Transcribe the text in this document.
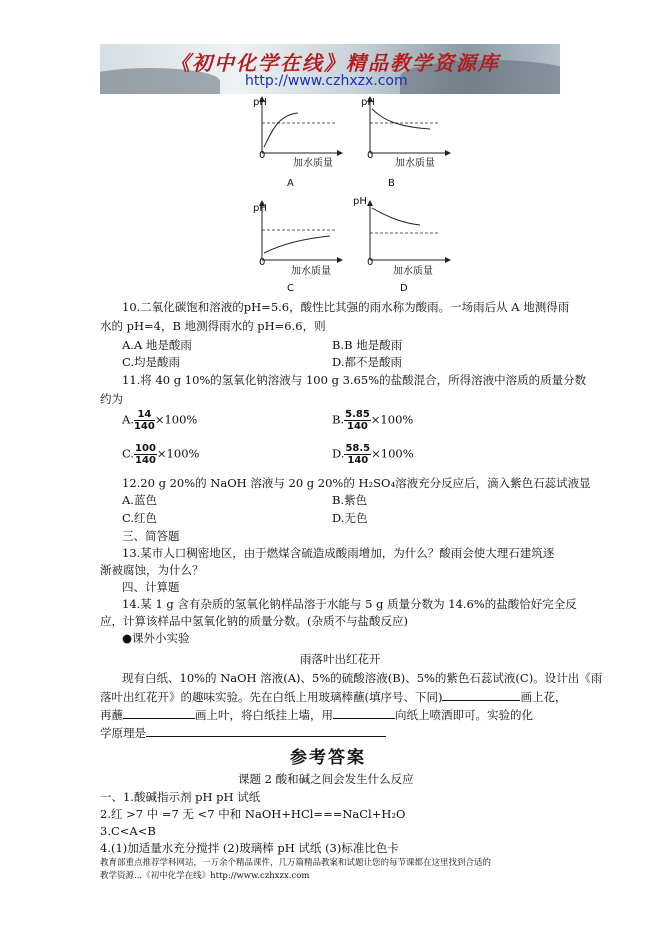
《初中化学在线》精品教学资源库
http://www.czhxzx.com
pH
0
加水质量
A
pH
0
加水质量
B
pH
0
加水质量
C
pH
0
加水质量
D
10.二氧化碳饱和溶液的pH=5.6，酸性比其强的雨水称为酸雨。一场雨后从 A 地测得雨
水的 pH=4，B 地测得雨水的 pH=6.6，则
A.A 地是酸雨	B.B 地是酸雨
C.均是酸雨	D.都不是酸雨
11.将 40 g 10%的氢氧化钠溶液与 100 g 3.65%的盐酸混合，所得溶液中溶质的质量分数
约为
A. $\frac{14}{140} \times 100\%$	B. $\frac{5.85}{140} \times 100\%$
C. $\frac{100}{140} \times 100\%$	D. $\frac{58.5}{140} \times 100\%$
12.20 g 20%的 NaOH 溶液与 20 g 20%的 H₂SO₄溶液充分反应后，滴入紫色石蕊试液显
A.蓝色	B.紫色
C.红色	D.无色
三、简答题
13.某市人口稠密地区，由于燃煤含硫造成酸雨增加，为什么？酸雨会使大理石建筑逐
渐被腐蚀，为什么？
四、计算题
14.某 1 g 含有杂质的氢氧化钠样品溶于水能与 5 g 质量分数为 14.6%的盐酸恰好完全反
应，计算该样品中氢氧化钠的质量分数。(杂质不与盐酸反应)
●课外小实验
雨落叶出红花开
现有白纸、10%的 NaOH 溶液(A)、5%的硫酸溶液(B)、5%的紫色石蕊试液(C)。设计出《雨
落叶出红花开》的趣味实验。先在白纸上用玻璃棒蘸(填序号、下同)	画上花，
再蘸	画上叶，将白纸挂上墙，用	向纸上喷洒即可。实验的化
学原理是
参考答案
课题 2 酸和碱之间会发生什么反应
一、1.酸碱指示剂 pH pH 试纸
2.红 >7 中 =7 无 <7 中和 NaOH+HCl===NaCl+H₂O
3.C<A<B
4.(1)加适量水充分搅拌 (2)玻璃棒 pH 试纸 (3)标准比色卡
教育部重点推荐学科网站，一万余个精品课件，几万篇精品教案和试题让您的每节课都在这里找到合适的
教学资源...《初中化学在线》http://www.czhxzx.com
